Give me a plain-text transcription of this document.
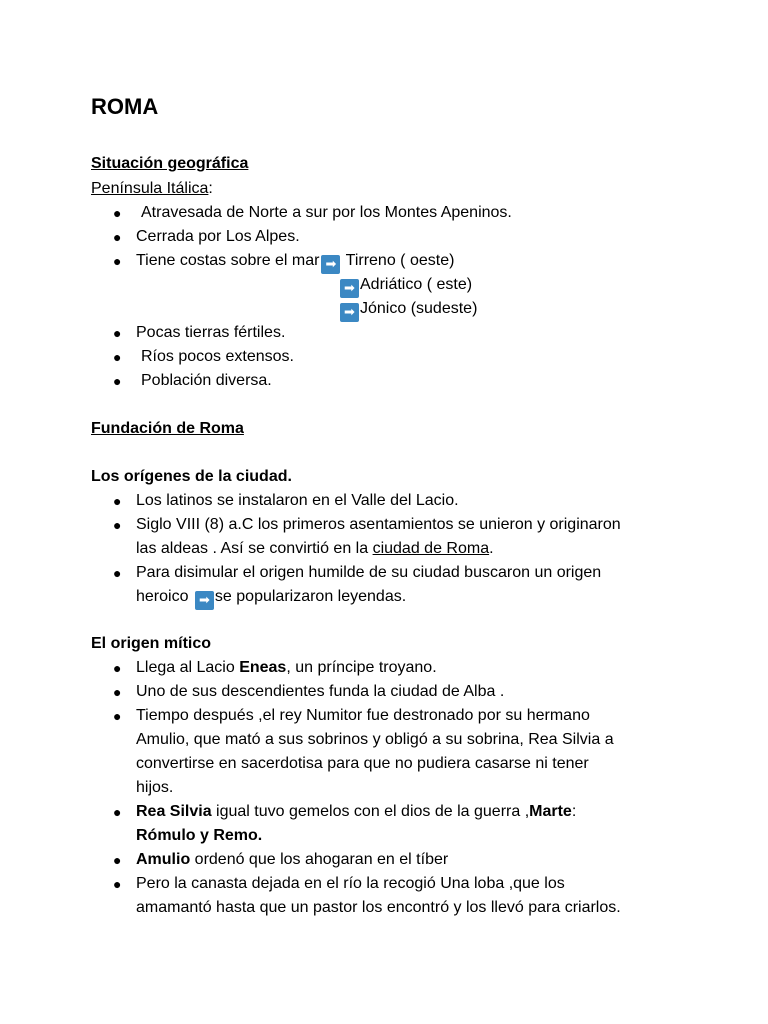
ROMA
Situación geográfica
Península Itálica:
● Atravesada de Norte a sur por los Montes Apeninos.
● Cerrada por Los Alpes.
● Tiene costas sobre el mar ➡ Tirreno ( oeste)
➡ Adriático ( este)
➡ Jónico (sudeste)
● Pocas tierras fértiles.
● Ríos pocos extensos.
● Población diversa.
Fundación de Roma
Los orígenes de la ciudad.
● Los latinos se instalaron en el Valle del Lacio.
● Siglo VIII (8) a.C los primeros asentamientos se unieron y originaron
las aldeas . Así se convirtió en la ciudad de Roma.
● Para disimular el origen humilde de su ciudad buscaron un origen
heroico ➡ se popularizaron leyendas.
El origen mítico
● Llega al Lacio Eneas, un príncipe troyano.
● Uno de sus descendientes funda la ciudad de Alba .
● Tiempo después ,el rey Numitor fue destronado por su hermano
Amulio, que mató a sus sobrinos y obligó a su sobrina, Rea Silvia a
convertirse en sacerdotisa para que no pudiera casarse ni tener
hijos.
● Rea Silvia igual tuvo gemelos con el dios de la guerra ,Marte:
Rómulo y Remo.
● Amulio ordenó que los ahogaran en el tíber
● Pero la canasta dejada en el río la recogió Una loba ,que los
amamantó hasta que un pastor los encontró y los llevó para criarlos.
